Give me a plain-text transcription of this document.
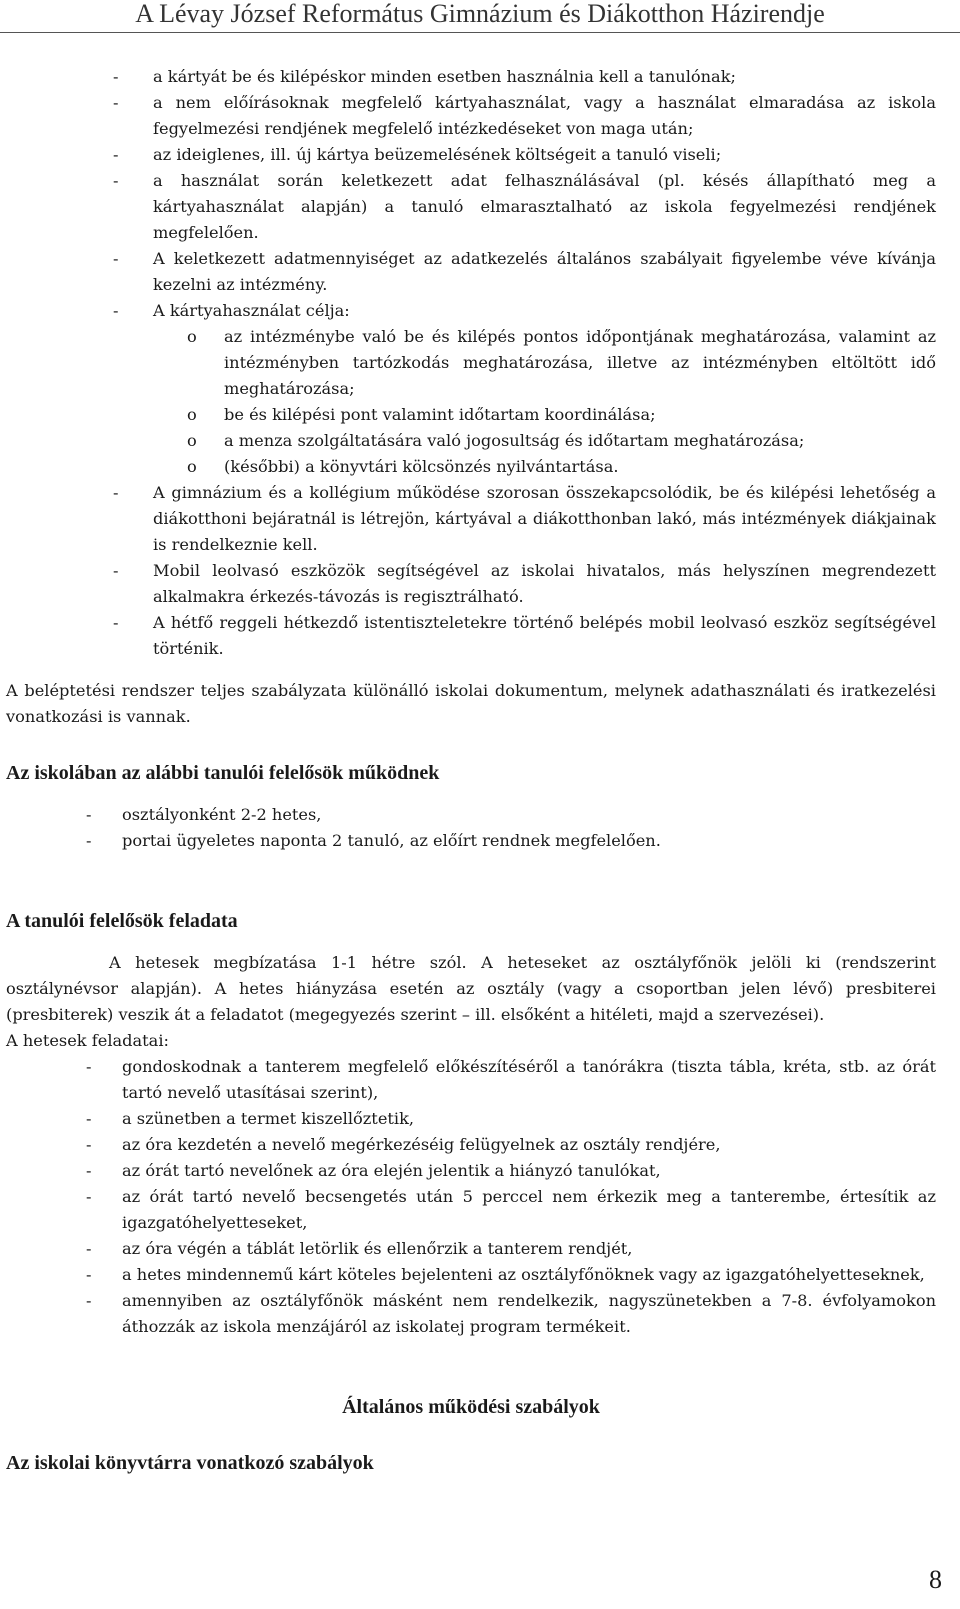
A Lévay József Református Gimnázium és Diákotthon Házirendje
- a kártyát be és kilépéskor minden esetben használnia kell a tanulónak;
- a nem előírásoknak megfelelő kártyahasználat, vagy a használat elmaradása az iskola fegyelmezési rendjének megfelelő intézkedéseket von maga után;
- az ideiglenes, ill. új kártya beüzemelésének költségeit a tanuló viseli;
- a használat során keletkezett adat felhasználásával (pl. késés állapítható meg a kártyahasználat alapján) a tanuló elmarasztalható az iskola fegyelmezési rendjének megfelelően.
- A keletkezett adatmennyiséget az adatkezelés általános szabályait figyelembe véve kívánja kezelni az intézmény.
- A kártyahasználat célja:
o az intézménybe való be és kilépés pontos időpontjának meghatározása, valamint az intézményben tartózkodás meghatározása, illetve az intézményben eltöltött idő meghatározása;
o be és kilépési pont valamint időtartam koordinálása;
o a menza szolgáltatására való jogosultság és időtartam meghatározása;
o (későbbi) a könyvtári kölcsönzés nyilvántartása.
- A gimnázium és a kollégium működése szorosan összekapcsolódik, be és kilépési lehetőség a diákotthoni bejáratnál is létrejön, kártyával a diákotthonban lakó, más intézmények diákjainak is rendelkeznie kell.
- Mobil leolvasó eszközök segítségével az iskolai hivatalos, más helyszínen megrendezett alkalmakra érkezés-távozás is regisztrálható.
- A hétfő reggeli hétkezdő istentiszteletekre történő belépés mobil leolvasó eszköz segítségével történik.

A beléptetési rendszer teljes szabályzata különálló iskolai dokumentum, melynek adathasználati és iratkezelési vonatkozási is vannak.

Az iskolában az alábbi tanulói felelősök működnek

- osztályonként 2-2 hetes,
- portai ügyeletes naponta 2 tanuló, az előírt rendnek megfelelően.

A tanulói felelősök feladata

A hetesek megbízatása 1-1 hétre szól. A heteseket az osztályfőnök jelöli ki (rendszerint osztálynévsor alapján). A hetes hiányzása esetén az osztály (vagy a csoportban jelen lévő) presbiterei (presbiterek) veszik át a feladatot (megegyezés szerint – ill. elsőként a hitéleti, majd a szervezései).

A hetesek feladatai:

- gondoskodnak a tanterem megfelelő előkészítéséről a tanórákra (tiszta tábla, kréta, stb. az órát tartó nevelő utasításai szerint),
- a szünetben a termet kiszellőztetik,
- az óra kezdetén a nevelő megérkezéséig felügyelnek az osztály rendjére,
- az órát tartó nevelőnek az óra elején jelentik a hiányzó tanulókat,
- az órát tartó nevelő becsengetés után 5 perccel nem érkezik meg a tanterembe, értesítik az igazgatóhelyetteseket,
- az óra végén a táblát letörlik és ellenőrzik a tanterem rendjét,
- a hetes mindennemű kárt köteles bejelenteni az osztályfőnöknek vagy az igazgatóhelyetteseknek,
- amennyiben az osztályfőnök másként nem rendelkezik, nagyszünetekben a 7-8. évfolyamokon áthozzák az iskola menzájáról az iskolatej program termékeit.

Általános működési szabályok

Az iskolai könyvtárra vonatkozó szabályok

8
